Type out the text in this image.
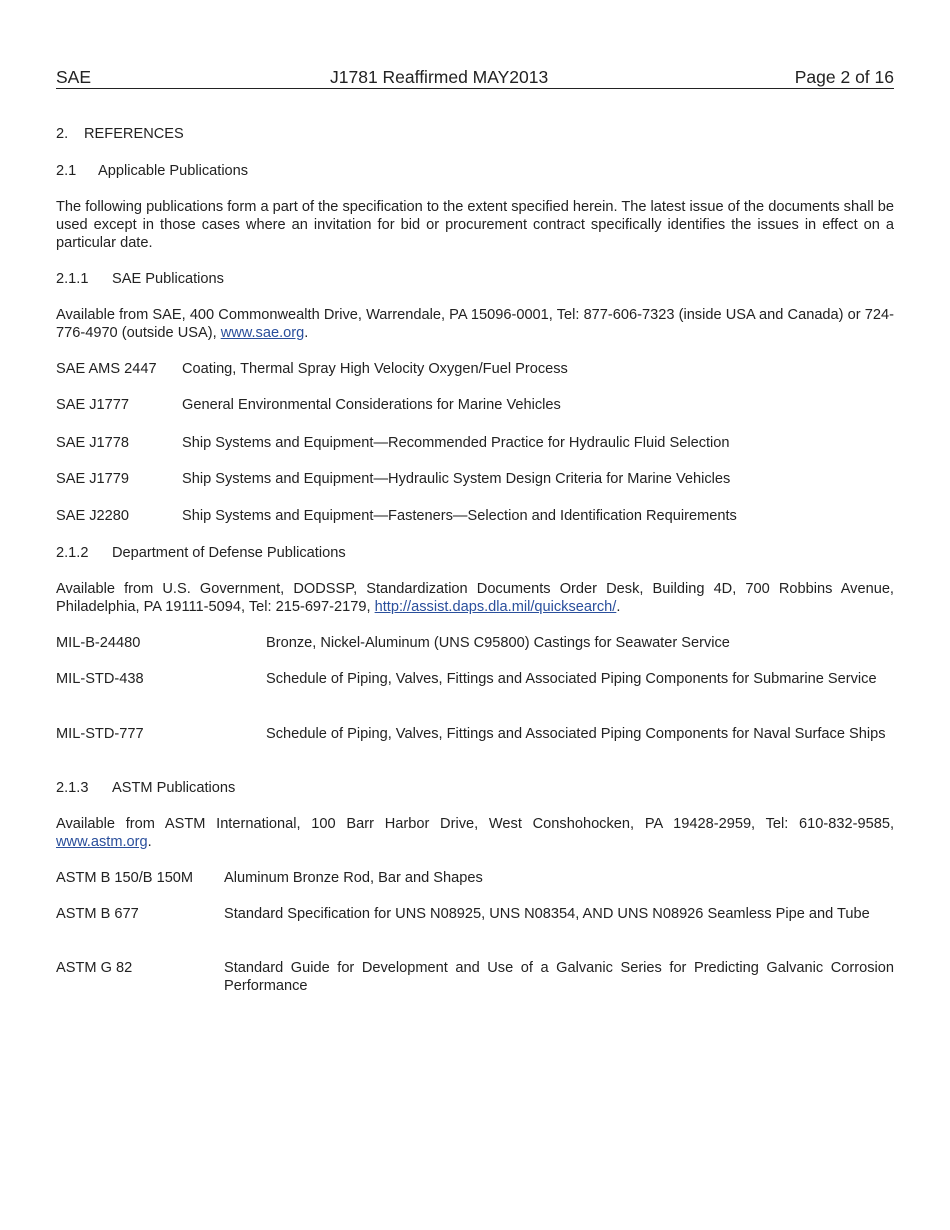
SAE	J1781 Reaffirmed MAY2013	Page 2 of 16
2. REFERENCES
2.1 Applicable Publications
The following publications form a part of the specification to the extent specified herein. The latest issue of the documents shall be used except in those cases where an invitation for bid or procurement contract specifically identifies the issues in effect on a particular date.
2.1.1 SAE Publications
Available from SAE, 400 Commonwealth Drive, Warrendale, PA 15096-0001, Tel: 877-606-7323 (inside USA and Canada) or 724-776-4970 (outside USA), www.sae.org.
SAE AMS 2447 Coating, Thermal Spray High Velocity Oxygen/Fuel Process
SAE J1777	General Environmental Considerations for Marine Vehicles
SAE J1778	Ship Systems and Equipment—Recommended Practice for Hydraulic Fluid Selection
SAE J1779	Ship Systems and Equipment—Hydraulic System Design Criteria for Marine Vehicles
SAE J2280	Ship Systems and Equipment—Fasteners—Selection and Identification Requirements
2.1.2 Department of Defense Publications
Available from U.S. Government, DODSSP, Standardization Documents Order Desk, Building 4D, 700 Robbins Avenue, Philadelphia, PA 19111-5094, Tel: 215-697-2179, http://assist.daps.dla.mil/quicksearch/.
MIL-B-24480	Bronze, Nickel-Aluminum (UNS C95800) Castings for Seawater Service
MIL-STD-438	Schedule of Piping, Valves, Fittings and Associated Piping Components for Submarine Service
MIL-STD-777	Schedule of Piping, Valves, Fittings and Associated Piping Components for Naval Surface Ships
2.1.3 ASTM Publications
Available from ASTM International, 100 Barr Harbor Drive, West Conshohocken, PA 19428-2959, Tel: 610-832-9585, www.astm.org.
ASTM B 150/B 150M Aluminum Bronze Rod, Bar and Shapes
ASTM B 677	Standard Specification for UNS N08925, UNS N08354, AND UNS N08926 Seamless Pipe and Tube
ASTM G 82	Standard Guide for Development and Use of a Galvanic Series for Predicting Galvanic Corrosion Performance
